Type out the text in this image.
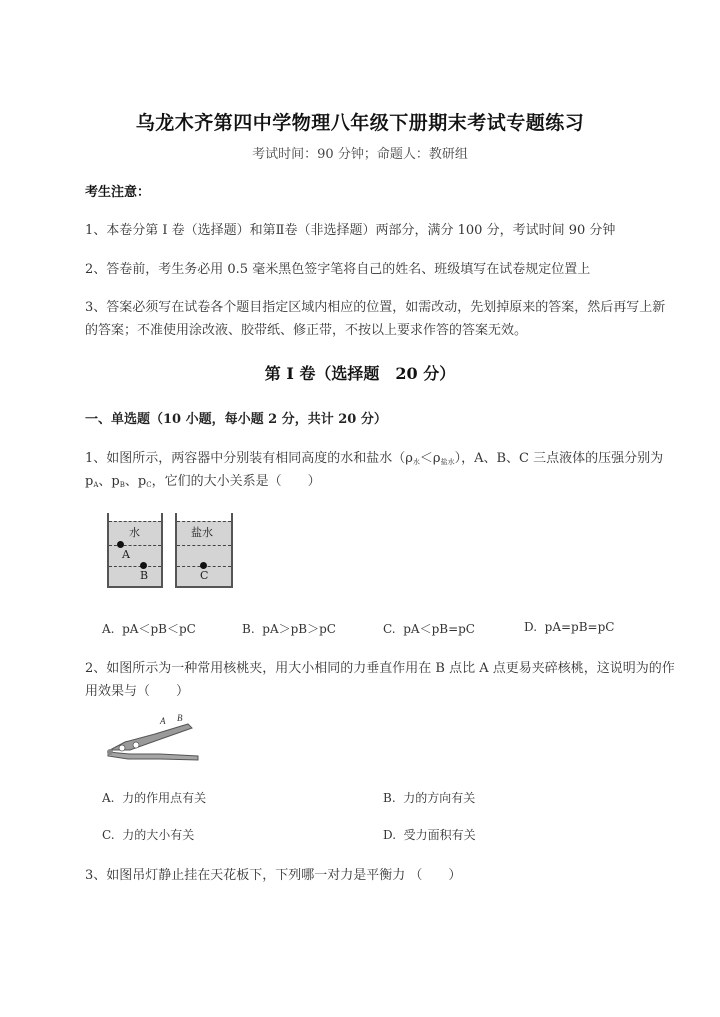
乌龙木齐第四中学物理八年级下册期末考试专题练习
考试时间：90 分钟；命题人：教研组
考生注意：
1、本卷分第 I 卷（选择题）和第Ⅱ卷（非选择题）两部分，满分 100 分，考试时间 90 分钟
2、答卷前，考生务必用 0.5 毫米黑色签字笔将自己的姓名、班级填写在试卷规定位置上
3、答案必须写在试卷各个题目指定区域内相应的位置，如需改动，先划掉原来的答案，然后再写上新
的答案；不准使用涂改液、胶带纸、修正带，不按以上要求作答的答案无效。
第 I 卷（选择题　20 分）
一、单选题（10 小题，每小题 2 分，共计 20 分）
1、如图所示，两容器中分别装有相同高度的水和盐水$(\rho_水<\rho_{盐水})$，A、B、C 三点液体的压强分别为
$p_A$、$p_B$、$p_C$，它们的大小关系是（　　）
水
A
B
盐水
C
A. pA＜pB＜pC	B. pA＞pB＞pC	C. pA＜pB=pC	D. pA=pB=pC
2、如图所示为一种常用核桃夹，用大小相同的力垂直作用在 B 点比 A 点更易夹碎核桃，这说明为的作
用效果与（　　）
A B
A. 力的作用点有关	B. 力的方向有关
C. 力的大小有关	D. 受力面积有关
3、如图吊灯静止挂在天花板下，下列哪一对力是平衡力 （　　）
